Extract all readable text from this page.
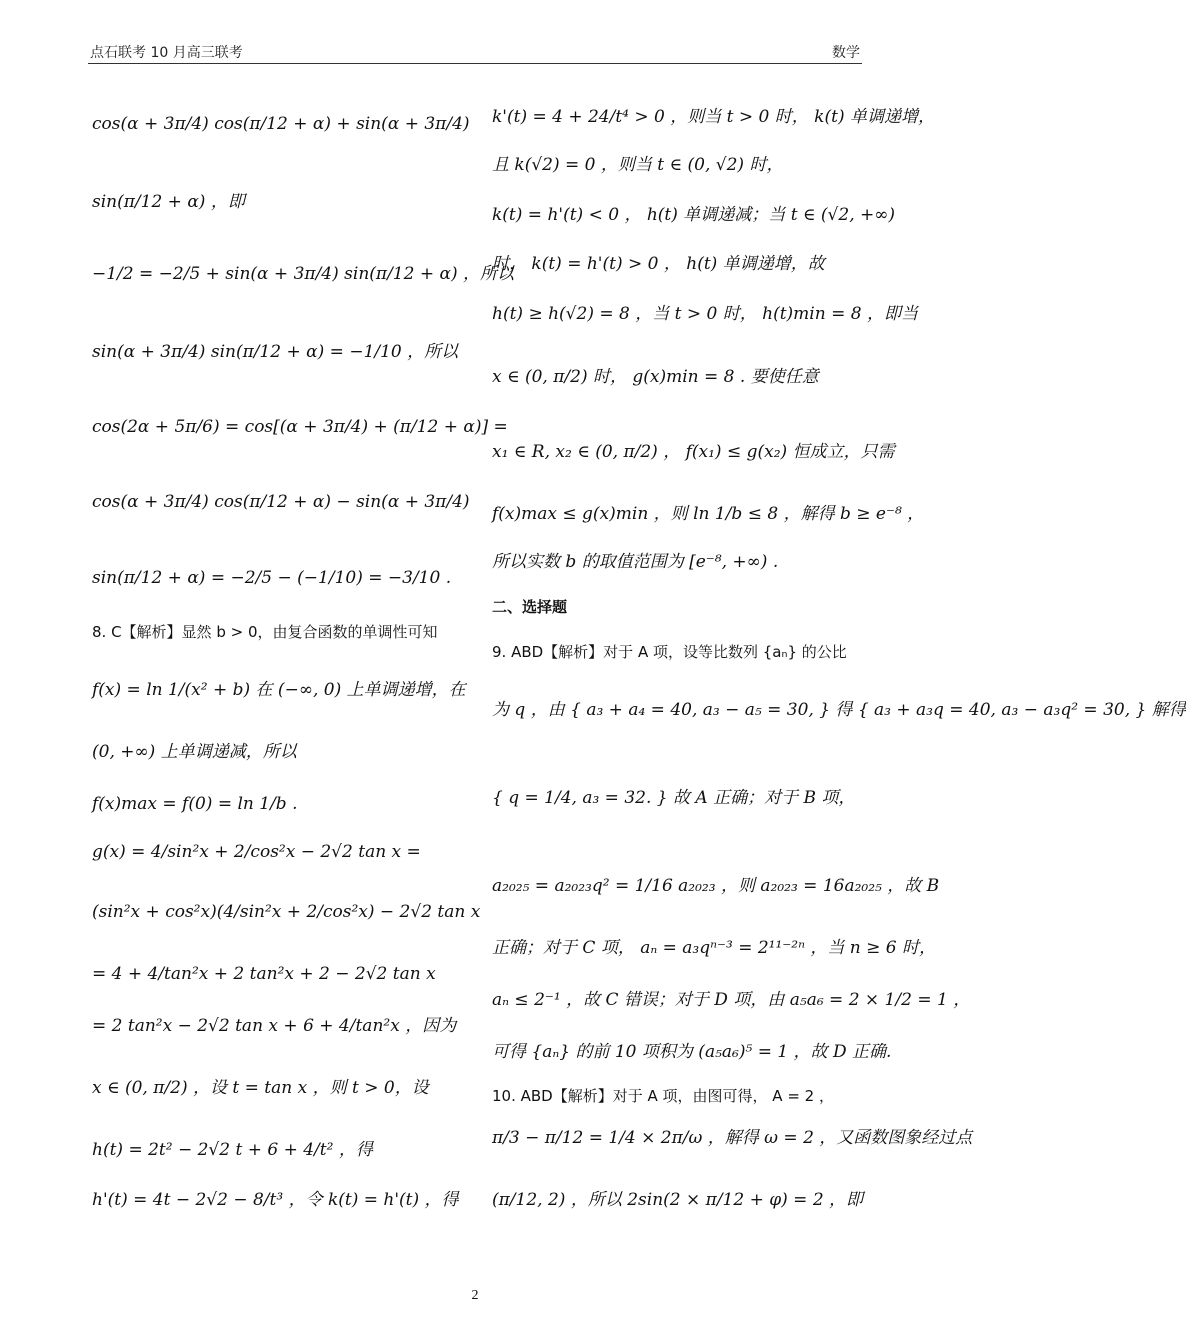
点石联考 10 月高三联考	数学
cos(α + 3π/4) cos(π/12 + α) + sin(α + 3π/4)
sin(π/12 + α) ，即
−1/2 = −2/5 + sin(α + 3π/4) sin(π/12 + α) ，所以
sin(α + 3π/4) sin(π/12 + α) = −1/10 ，所以
cos(2α + 5π/6) = cos[(α + 3π/4) + (π/12 + α)] =
cos(α + 3π/4) cos(π/12 + α) − sin(α + 3π/4)
sin(π/12 + α) = −2/5 − (−1/10) = −3/10 .
8. C【解析】显然 b > 0，由复合函数的单调性可知
f(x) = ln 1/(x² + b) 在 (−∞, 0) 上单调递增，在
(0, +∞) 上单调递减，所以
f(x)max = f(0) = ln 1/b .
g(x) = 4/sin²x + 2/cos²x − 2√2 tan x =
(sin²x + cos²x)(4/sin²x + 2/cos²x) − 2√2 tan x
= 4 + 4/tan²x + 2 tan²x + 2 − 2√2 tan x
= 2 tan²x − 2√2 tan x + 6 + 4/tan²x ，因为
x ∈ (0, π/2) ，设 t = tan x ，则 t > 0，设
h(t) = 2t² − 2√2 t + 6 + 4/t² ，得
h'(t) = 4t − 2√2 − 8/t³ ，令 k(t) = h'(t) ，得
k'(t) = 4 + 24/t⁴ > 0 ，则当 t > 0 时， k(t) 单调递增，
且 k(√2) = 0 ，则当 t ∈ (0, √2) 时，
k(t) = h'(t) < 0 ， h(t) 单调递减；当 t ∈ (√2, +∞)
时， k(t) = h'(t) > 0 ， h(t) 单调递增，故
h(t) ≥ h(√2) = 8 ，当 t > 0 时， h(t)min = 8 ，即当
x ∈ (0, π/2) 时， g(x)min = 8 . 要使任意
x₁ ∈ R, x₂ ∈ (0, π/2) ， f(x₁) ≤ g(x₂) 恒成立，只需
f(x)max ≤ g(x)min ，则 ln 1/b ≤ 8 ，解得 b ≥ e⁻⁸ ，
所以实数 b 的取值范围为 [e⁻⁸, +∞) .
二、选择题
9. ABD【解析】对于 A 项，设等比数列 {aₙ} 的公比
为 q ，由 { a₃ + a₄ = 40, a₃ − a₅ = 30, } 得 { a₃ + a₃q = 40, a₃ − a₃q² = 30, } 解得
{ q = 1/4, a₃ = 32. } 故 A 正确；对于 B 项，
a₂₀₂₅ = a₂₀₂₃q² = 1/16 a₂₀₂₃ ，则 a₂₀₂₃ = 16a₂₀₂₅ ，故 B
正确；对于 C 项， aₙ = a₃qⁿ⁻³ = 2¹¹⁻²ⁿ ，当 n ≥ 6 时，
aₙ ≤ 2⁻¹ ，故 C 错误；对于 D 项，由 a₅a₆ = 2 × 1/2 = 1 ，
可得 {aₙ} 的前 10 项积为 (a₅a₆)⁵ = 1 ，故 D 正确.
10. ABD【解析】对于 A 项，由图可得， A = 2 ，
π/3 − π/12 = 1/4 × 2π/ω ，解得 ω = 2 ，又函数图象经过点
(π/12, 2) ，所以 2sin(2 × π/12 + φ) = 2 ，即
2
